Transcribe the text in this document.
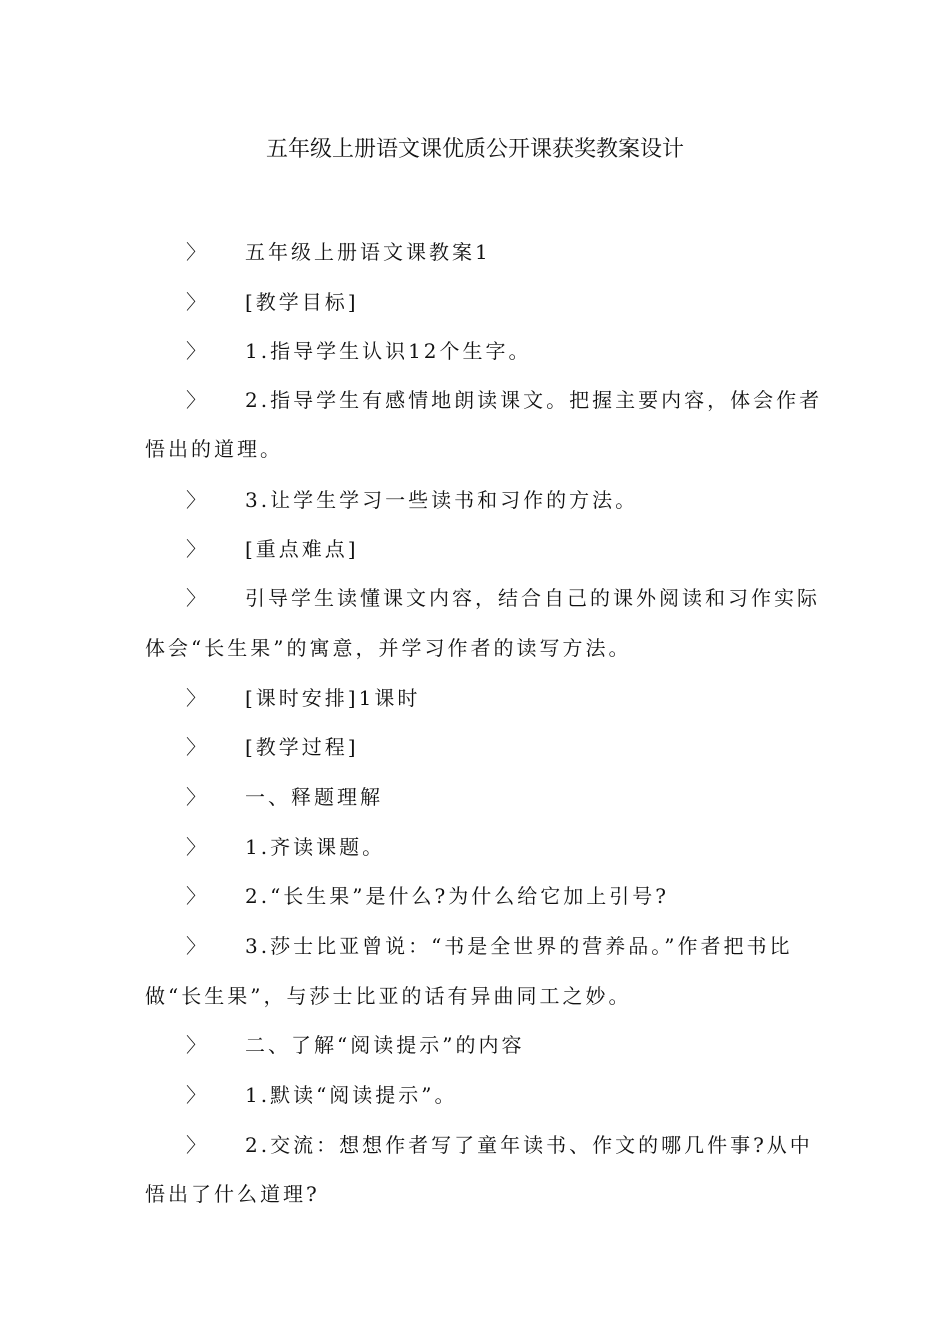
五年级上册语文课优质公开课获奖教案设计
〉 五年级上册语文课教案1
〉 [教学目标]
〉 1.指导学生认识12个生字。
〉 2.指导学生有感情地朗读课文。把握主要内容，体会作者
悟出的道理。
〉 3.让学生学习一些读书和习作的方法。
〉 [重点难点]
〉 引导学生读懂课文内容，结合自己的课外阅读和习作实际
体会“长生果”的寓意，并学习作者的读写方法。
〉 [课时安排]1课时
〉 [教学过程]
〉 一、释题理解
〉 1.齐读课题。
〉 2.“长生果”是什么?为什么给它加上引号?
〉 3.莎士比亚曾说：“书是全世界的营养品。”作者把书比
做“长生果”，与莎士比亚的话有异曲同工之妙。
〉 二、了解“阅读提示”的内容
〉 1.默读“阅读提示”。
〉 2.交流：想想作者写了童年读书、作文的哪几件事?从中
悟出了什么道理?
